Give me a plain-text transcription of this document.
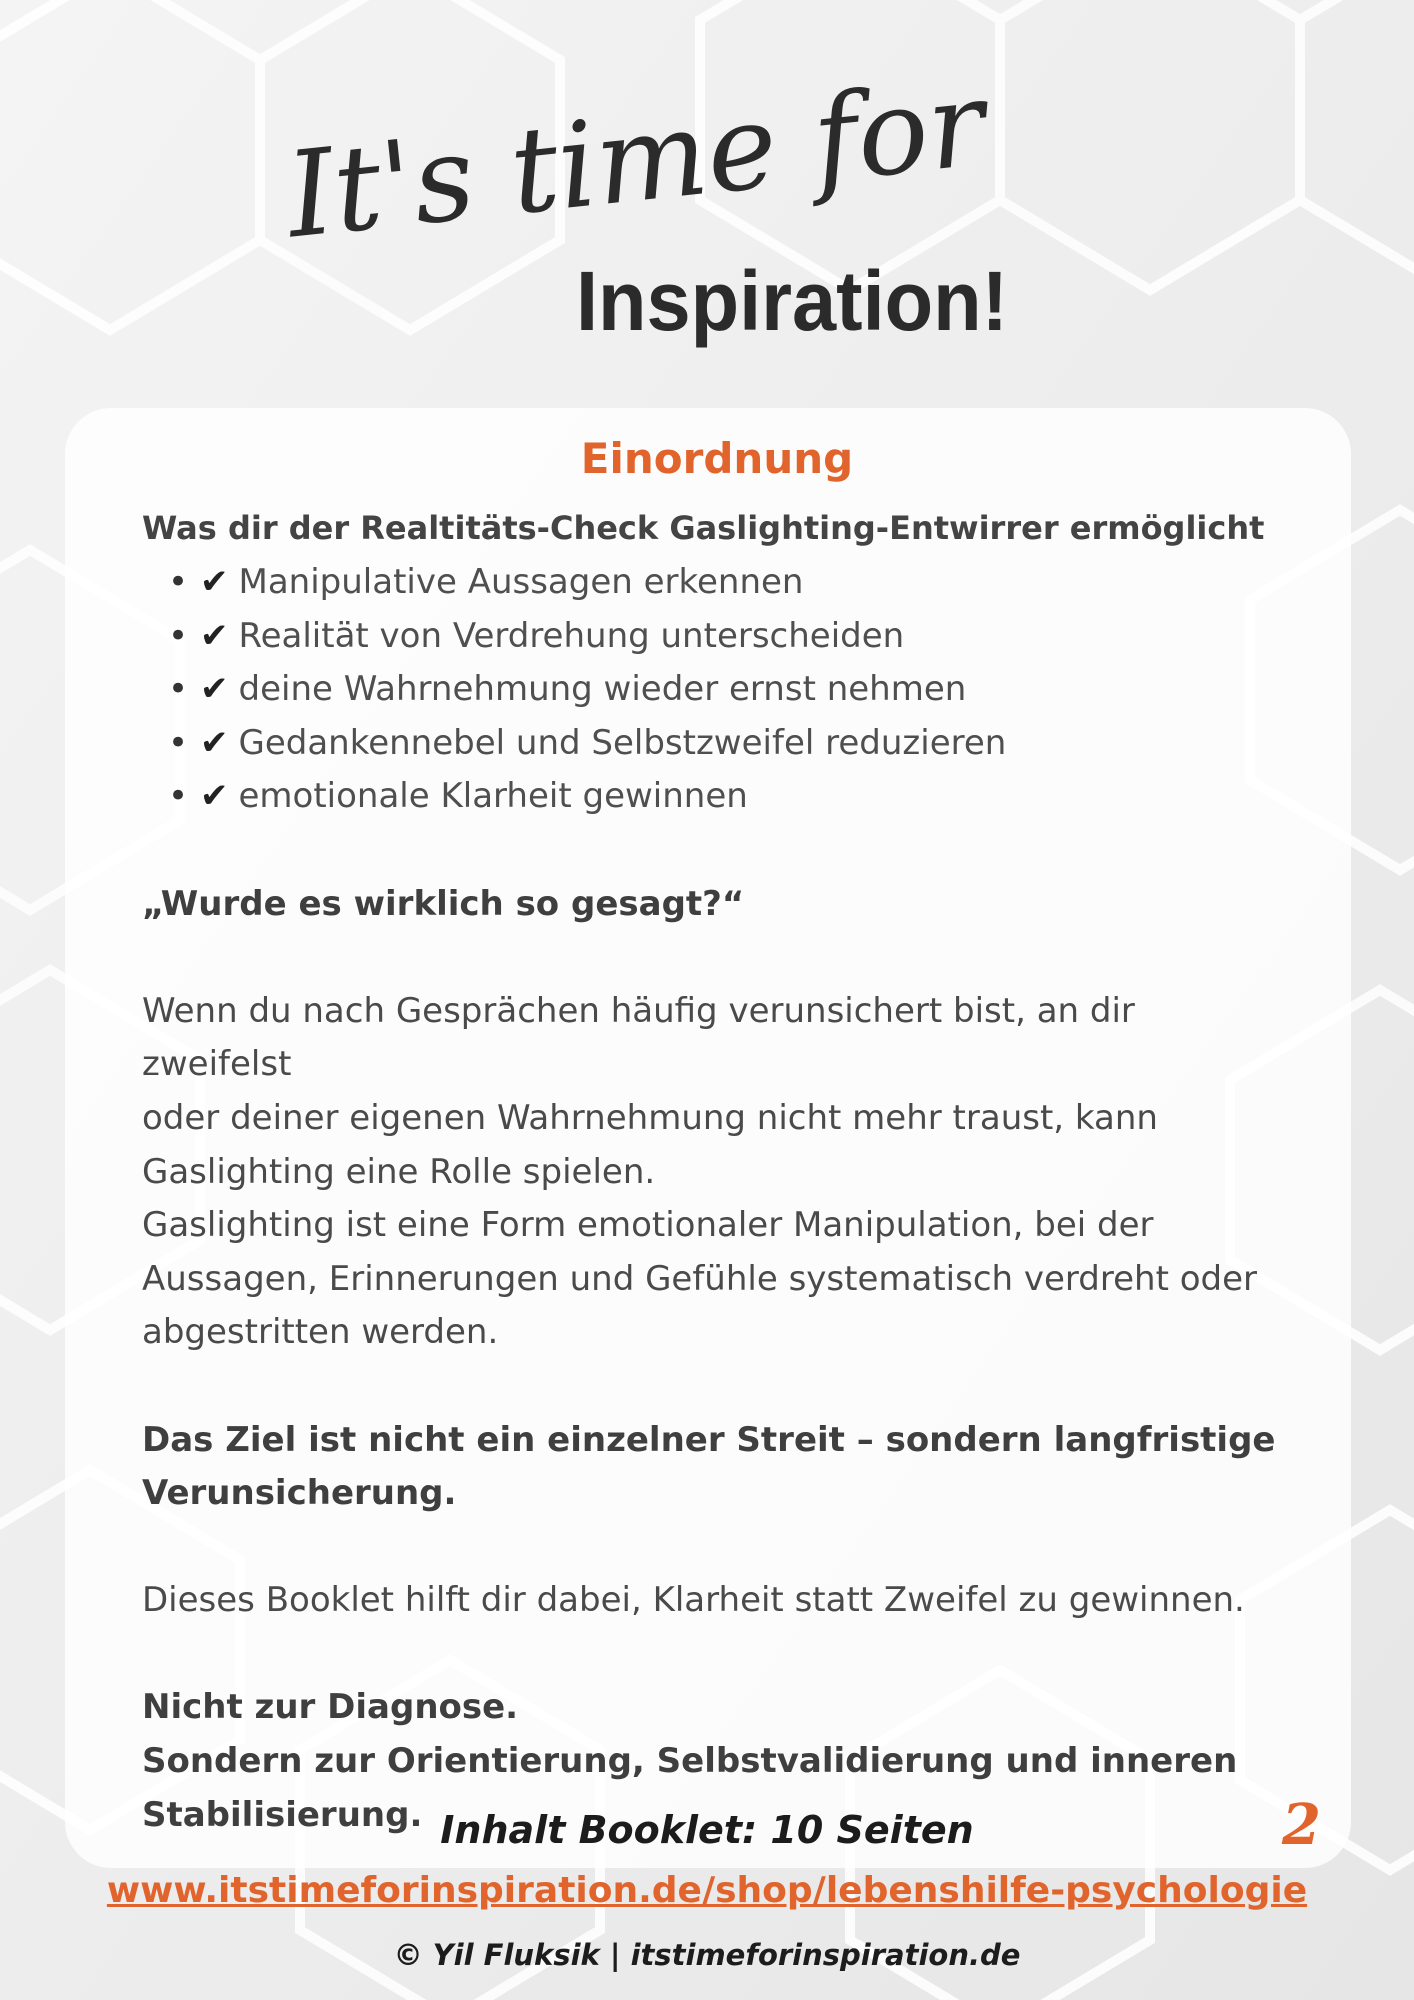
It's time for
Inspiration!
Einordnung

Was dir der Realtitäts-Check Gaslighting-Entwirrer ermöglicht

• ✔ Manipulative Aussagen erkennen
• ✔ Realität von Verdrehung unterscheiden
• ✔ deine Wahrnehmung wieder ernst nehmen
• ✔ Gedankennebel und Selbstzweifel reduzieren
• ✔ emotionale Klarheit gewinnen

„Wurde es wirklich so gesagt?“

Wenn du nach Gesprächen häufig verunsichert bist, an dir zweifelst

oder deiner eigenen Wahrnehmung nicht mehr traust, kann

Gaslighting eine Rolle spielen.

Gaslighting ist eine Form emotionaler Manipulation, bei der

Aussagen, Erinnerungen und Gefühle systematisch verdreht oder

abgestritten werden.

Das Ziel ist nicht ein einzelner Streit – sondern langfristige

Verunsicherung.

Dieses Booklet hilft dir dabei, Klarheit statt Zweifel zu gewinnen.

Nicht zur Diagnose.

Sondern zur Orientierung, Selbstvalidierung und inneren

Stabilisierung. Inhalt Booklet: 10 Seiten	2
www.itstimeforinspiration.de/shop/lebenshilfe-psychologie
© Yil Fluksik | itstimeforinspiration.de
